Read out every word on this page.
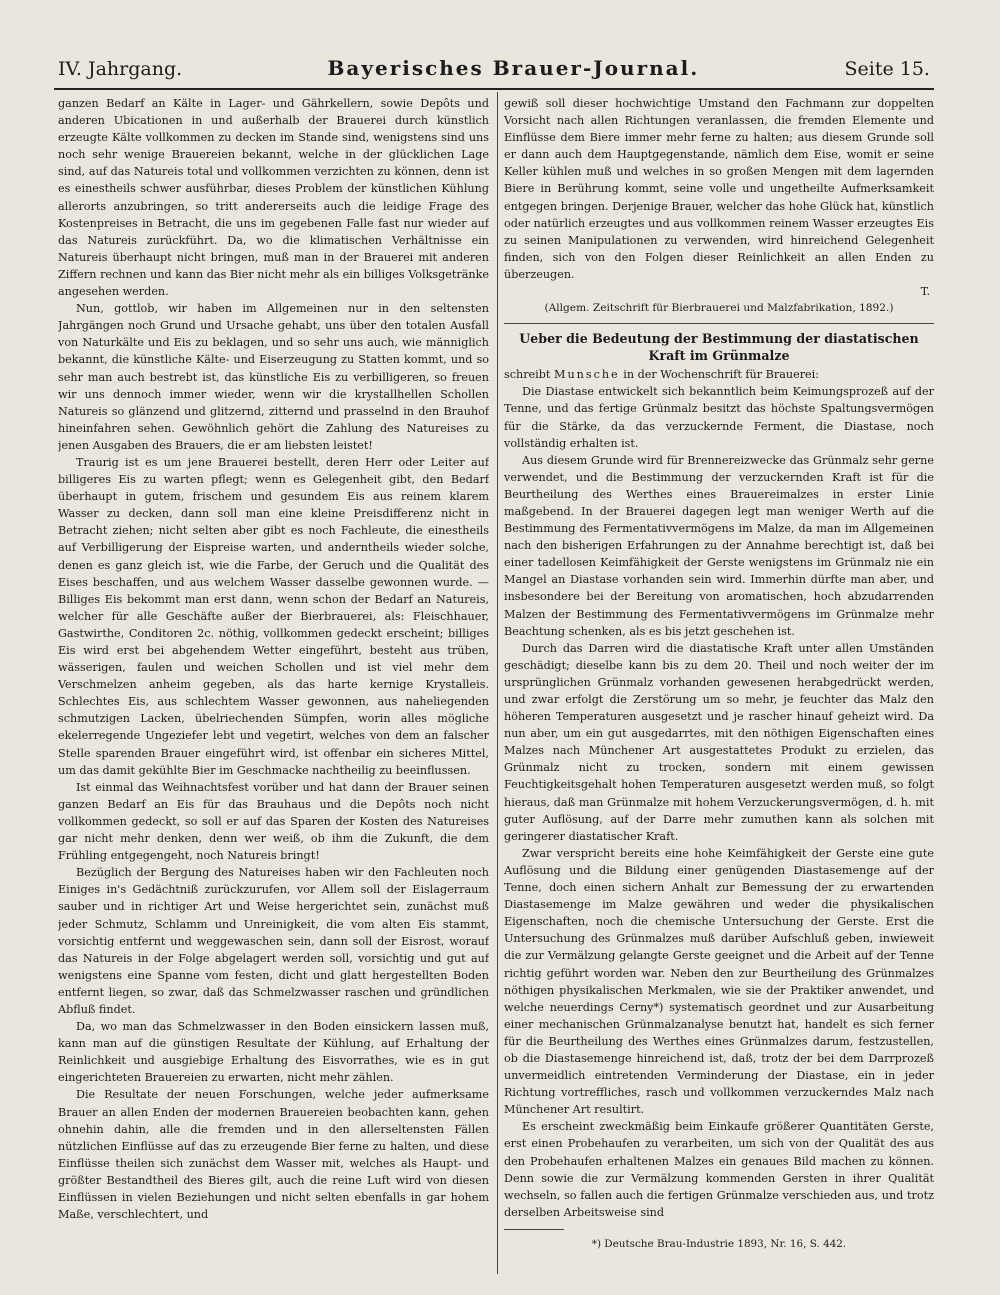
IV. Jahrgang.	Bayerisches Brauer-Journal.	Seite 15.

ganzen Bedarf an Kälte in Lager- und Gährkellern, sowie Depôts und anderen Ubicationen in und außerhalb der Brauerei durch künstlich erzeugte Kälte vollkommen zu decken im Stande sind, wenigstens sind uns noch sehr wenige Brauereien bekannt, welche in der glücklichen Lage sind, auf das Natureis total und vollkommen verzichten zu können, denn ist es einestheils schwer ausführbar, dieses Problem der künstlichen Kühlung allerorts anzubringen, so tritt andererseits auch die leidige Frage des Kostenpreises in Betracht, die uns im gegebenen Falle fast nur wieder auf das Natureis zurückführt. Da, wo die klimatischen Verhältnisse ein Natureis überhaupt nicht bringen, muß man in der Brauerei mit anderen Ziffern rechnen und kann das Bier nicht mehr als ein billiges Volksgetränke angesehen werden.

Nun, gottlob, wir haben im Allgemeinen nur in den seltensten Jahrgängen noch Grund und Ursache gehabt, uns über den totalen Ausfall von Naturkälte und Eis zu beklagen, und so sehr uns auch, wie männiglich bekannt, die künstliche Kälte- und Eiserzeugung zu Statten kommt, und so sehr man auch bestrebt ist, das künstliche Eis zu verbilligeren, so freuen wir uns dennoch immer wieder, wenn wir die krystallhellen Schollen Natureis so glänzend und glitzernd, zitternd und prasselnd in den Brauhof hineinfahren sehen. Gewöhnlich gehört die Zahlung des Natureises zu jenen Ausgaben des Brauers, die er am liebsten leistet!

Traurig ist es um jene Brauerei bestellt, deren Herr oder Leiter auf billigeres Eis zu warten pflegt; wenn es Gelegenheit gibt, den Bedarf überhaupt in gutem, frischem und gesundem Eis aus reinem klarem Wasser zu decken, dann soll man eine kleine Preisdifferenz nicht in Betracht ziehen; nicht selten aber gibt es noch Fachleute, die einestheils auf Verbilligerung der Eispreise warten, und anderntheils wieder solche, denen es ganz gleich ist, wie die Farbe, der Geruch und die Qualität des Eises beschaffen, und aus welchem Wasser dasselbe gewonnen wurde. — Billiges Eis bekommt man erst dann, wenn schon der Bedarf an Natureis, welcher für alle Geschäfte außer der Bierbrauerei, als: Fleischhauer, Gastwirthe, Conditoren 2c. nöthig, vollkommen gedeckt erscheint; billiges Eis wird erst bei abgehendem Wetter eingeführt, besteht aus trüben, wässerigen, faulen und weichen Schollen und ist viel mehr dem Verschmelzen anheim gegeben, als das harte kernige Krystalleis. Schlechtes Eis, aus schlechtem Wasser gewonnen, aus naheliegenden schmutzigen Lacken, übelriechenden Sümpfen, worin alles mögliche ekelerregende Ungeziefer lebt und vegetirt, welches von dem an falscher Stelle sparenden Brauer eingeführt wird, ist offenbar ein sicheres Mittel, um das damit gekühlte Bier im Geschmacke nachtheilig zu beeinflussen.

Ist einmal das Weihnachtsfest vorüber und hat dann der Brauer seinen ganzen Bedarf an Eis für das Brauhaus und die Depôts noch nicht vollkommen gedeckt, so soll er auf das Sparen der Kosten des Natureises gar nicht mehr denken, denn wer weiß, ob ihm die Zukunft, die dem Frühling entgegengeht, noch Natureis bringt!

Bezüglich der Bergung des Natureises haben wir den Fachleuten noch Einiges in's Gedächtniß zurückzurufen, vor Allem soll der Eislagerraum sauber und in richtiger Art und Weise hergerichtet sein, zunächst muß jeder Schmutz, Schlamm und Unreinigkeit, die vom alten Eis stammt, vorsichtig entfernt und weggewaschen sein, dann soll der Eisrost, worauf das Natureis in der Folge abgelagert werden soll, vorsichtig und gut auf wenigstens eine Spanne vom festen, dicht und glatt hergestellten Boden entfernt liegen, so zwar, daß das Schmelzwasser raschen und gründlichen Abfluß findet.

Da, wo man das Schmelzwasser in den Boden einsickern lassen muß, kann man auf die günstigen Resultate der Kühlung, auf Erhaltung der Reinlichkeit und ausgiebige Erhaltung des Eisvorrathes, wie es in gut eingerichteten Brauereien zu erwarten, nicht mehr zählen.

Die Resultate der neuen Forschungen, welche jeder aufmerksame Brauer an allen Enden der modernen Brauereien beobachten kann, gehen ohnehin dahin, alle die fremden und in den allerseltensten Fällen nützlichen Einflüsse auf das zu erzeugende Bier ferne zu halten, und diese Einflüsse theilen sich zunächst dem Wasser mit, welches als Haupt- und größter Bestandtheil des Bieres gilt, auch die reine Luft wird von diesen Einflüssen in vielen Beziehungen und nicht selten ebenfalls in gar hohem Maße, verschlechtert, und

gewiß soll dieser hochwichtige Umstand den Fachmann zur doppelten Vorsicht nach allen Richtungen veranlassen, die fremden Elemente und Einflüsse dem Biere immer mehr ferne zu halten; aus diesem Grunde soll er dann auch dem Hauptgegenstande, nämlich dem Eise, womit er seine Keller kühlen muß und welches in so großen Mengen mit dem lagernden Biere in Berührung kommt, seine volle und ungetheilte Aufmerksamkeit entgegen bringen. Derjenige Brauer, welcher das hohe Glück hat, künstlich oder natürlich erzeugtes und aus vollkommen reinem Wasser erzeugtes Eis zu seinen Manipulationen zu verwenden, wird hinreichend Gelegenheit finden, sich von den Folgen dieser Reinlichkeit an allen Enden zu überzeugen.

T.

(Allgem. Zeitschrift für Bierbrauerei und Malzfabrikation, 1892.)

Ueber die Bedeutung der Bestimmung der diastatischen Kraft im Grünmalze

schreibt Munsche in der Wochenschrift für Brauerei:

Die Diastase entwickelt sich bekanntlich beim Keimungsprozeß auf der Tenne, und das fertige Grünmalz besitzt das höchste Spaltungsvermögen für die Stärke, da das verzuckernde Ferment, die Diastase, noch vollständig erhalten ist.

Aus diesem Grunde wird für Brennereizwecke das Grünmalz sehr gerne verwendet, und die Bestimmung der verzuckernden Kraft ist für die Beurtheilung des Werthes eines Brauereimalzes in erster Linie maßgebend. In der Brauerei dagegen legt man weniger Werth auf die Bestimmung des Fermentativvermögens im Malze, da man im Allgemeinen nach den bisherigen Erfahrungen zu der Annahme berechtigt ist, daß bei einer tadellosen Keimfähigkeit der Gerste wenigstens im Grünmalz nie ein Mangel an Diastase vorhanden sein wird. Immerhin dürfte man aber, und insbesondere bei der Bereitung von aromatischen, hoch abzudarrenden Malzen der Bestimmung des Fermentativvermögens im Grünmalze mehr Beachtung schenken, als es bis jetzt geschehen ist.

Durch das Darren wird die diastatische Kraft unter allen Umständen geschädigt; dieselbe kann bis zu dem 20. Theil und noch weiter der im ursprünglichen Grünmalz vorhanden gewesenen herabgedrückt werden, und zwar erfolgt die Zerstörung um so mehr, je feuchter das Malz den höheren Temperaturen ausgesetzt und je rascher hinauf geheizt wird. Da nun aber, um ein gut ausgedarrtes, mit den nöthigen Eigenschaften eines Malzes nach Münchener Art ausgestattetes Produkt zu erzielen, das Grünmalz nicht zu trocken, sondern mit einem gewissen Feuchtigkeitsgehalt hohen Temperaturen ausgesetzt werden muß, so folgt hieraus, daß man Grünmalze mit hohem Verzuckerungsvermögen, d. h. mit guter Auflösung, auf der Darre mehr zumuthen kann als solchen mit geringerer diastatischer Kraft.

Zwar verspricht bereits eine hohe Keimfähigkeit der Gerste eine gute Auflösung und die Bildung einer genügenden Diastasemenge auf der Tenne, doch einen sichern Anhalt zur Bemessung der zu erwartenden Diastasemenge im Malze gewähren und weder die physikalischen Eigenschaften, noch die chemische Untersuchung der Gerste. Erst die Untersuchung des Grünmalzes muß darüber Aufschluß geben, inwieweit die zur Vermälzung gelangte Gerste geeignet und die Arbeit auf der Tenne richtig geführt worden war. Neben den zur Beurtheilung des Grünmalzes nöthigen physikalischen Merkmalen, wie sie der Praktiker anwendet, und welche neuerdings Cerny*) systematisch geordnet und zur Ausarbeitung einer mechanischen Grünmalzanalyse benutzt hat, handelt es sich ferner für die Beurtheilung des Werthes eines Grünmalzes darum, festzustellen, ob die Diastasemenge hinreichend ist, daß, trotz der bei dem Darrprozeß unvermeidlich eintretenden Verminderung der Diastase, ein in jeder Richtung vortreffliches, rasch und vollkommen verzuckerndes Malz nach Münchener Art resultirt.

Es erscheint zweckmäßig beim Einkaufe größerer Quantitäten Gerste, erst einen Probehaufen zu verarbeiten, um sich von der Qualität des aus den Probehaufen erhaltenen Malzes ein genaues Bild machen zu können. Denn sowie die zur Vermälzung kommenden Gersten in ihrer Qualität wechseln, so fallen auch die fertigen Grünmalze verschieden aus, und trotz derselben Arbeitsweise sind

*) Deutsche Brau-Industrie 1893, Nr. 16, S. 442.
